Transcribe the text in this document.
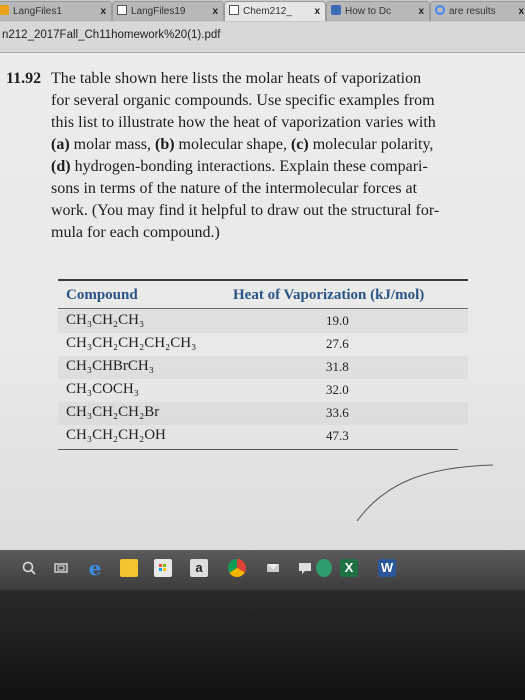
LangFiles1	x	LangFiles19	x	Chem212_ x	How to Dc	x	are results x
n212_2017Fall_Ch11homework%20(1).pdf
11.92 The table shown here lists the molar heats of vaporization
for several organic compounds. Use specific examples from
this list to illustrate how the heat of vaporization varies with
(a) molar mass, (b) molecular shape, (c) molecular polarity,
(d) hydrogen-bonding interactions. Explain these compari-
sons in terms of the nature of the intermolecular forces at
work. (You may find it helpful to draw out the structural for-
mula for each compound.)
Compound	Heat of Vaporization (kJ/mol)
CH₃CH₂CH₃	19.0
CH₃CH₂CH₂CH₂CH₃	27.6
CH₃CHBrCH₃	31.8
CH₃COCH₃	32.0
CH₃CH₂CH₂Br	33.6
CH₃CH₂CH₂OH	47.3
e	a	X	W
